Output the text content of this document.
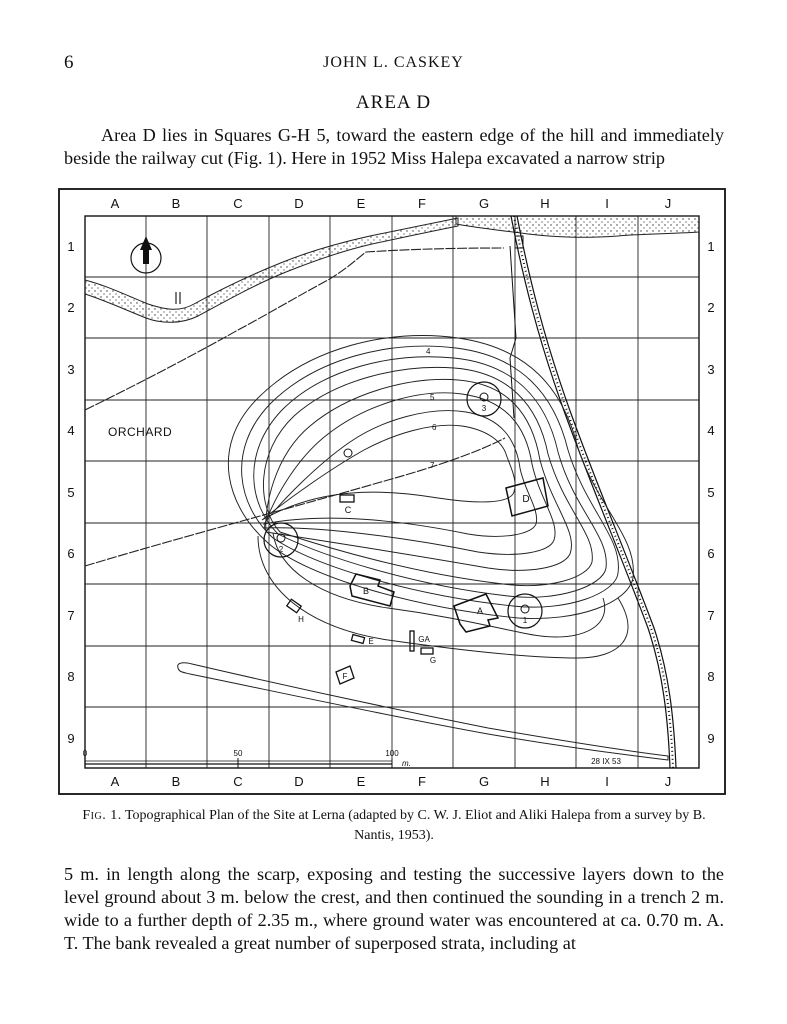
6	JOHN L. CASKEY
AREA D

Area D lies in Squares G-H 5, toward the eastern edge of the hill and immediately beside the railway cut (Fig. 1). Here in 1952 Miss Halepa excavated a narrow strip

A	B	C	D	E	F	G	H	I	J
A	B	C	D	E	F	G	H	I	J
1
2
3
4
5
6
7
8
9
1
2
3
4
5
6
7
8
9
4
5
6
7
3
2
1
D
C
B
A
H
E	GA
G
F
ORCHARD
0	50	100
m.	28 IX 53
Fig. 1. Topographical Plan of the Site at Lerna (adapted by C. W. J. Eliot and Aliki Halepa from a survey by B. Nantis, 1953).

5 m. in length along the scarp, exposing and testing the successive layers down to the level ground about 3 m. below the crest, and then continued the sounding in a trench 2 m. wide to a further depth of 2.35 m., where ground water was encountered at ca. 0.70 m. A. T. The bank revealed a great number of superposed strata, including at
